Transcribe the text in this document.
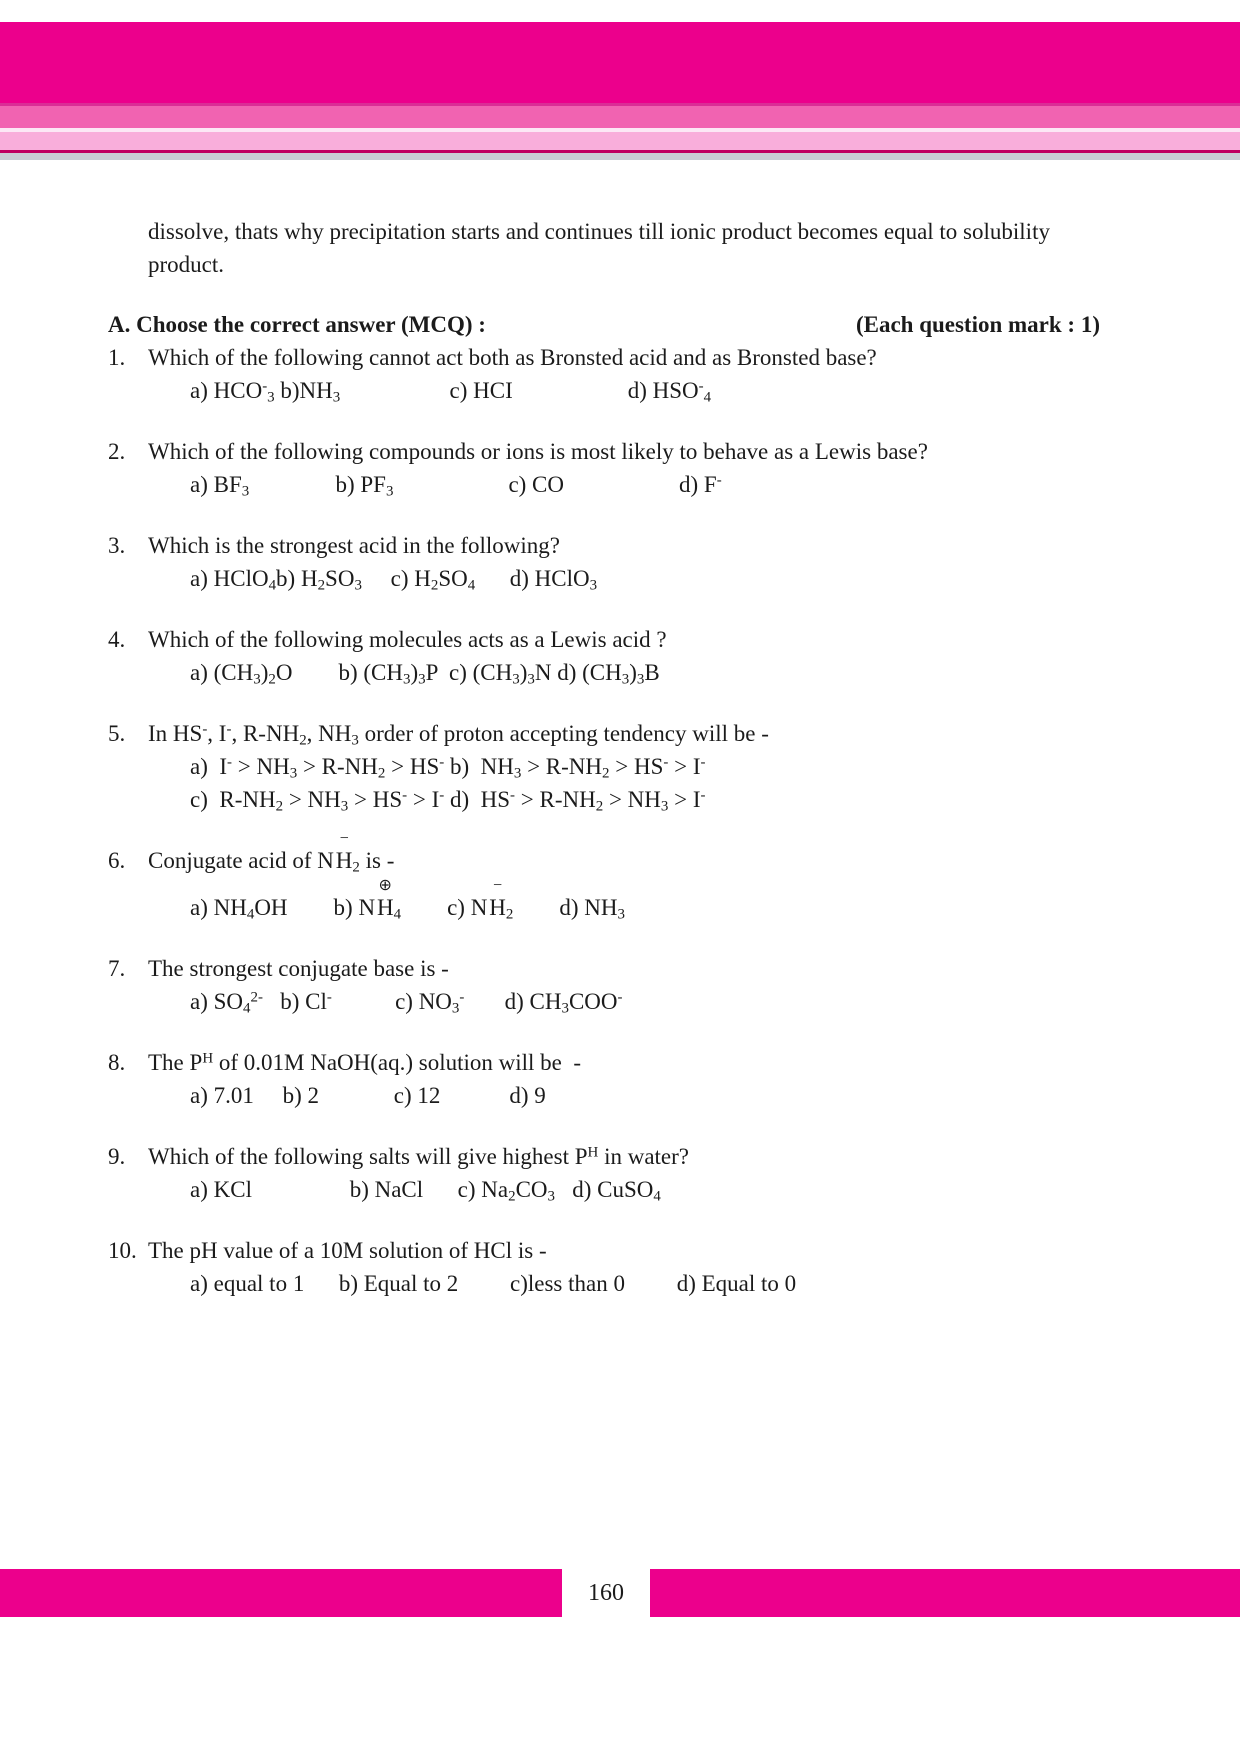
dissolve, thats why precipitation starts and continues till ionic product becomes equal to solubility
product.

A. Choose the correct answer (MCQ) :	(Each question mark : 1)
1. Which of the following cannot act both as Bronsted acid and as Bronsted base?
a) $HCO^-_3$ $b)NH_3$                   c) HCI                    d) $HSO^-_4$
2. Which of the following compounds or ions is most likely to behave as a Lewis base?
a) $BF_3$               b) $PF_3$                    c) CO                    d) F-
3. Which is the strongest acid in the following?
a) HClO$_4$b) $H_2SO_3$     c) $H_2SO_4$      d) HClO$_3$
4. Which of the following molecules acts as a Lewis acid ?
a) $(CH_3)_2O$        b) $(CH_3)_3P$  c) $(CH_3)_3N$ d) $(CH_3)_3B$
5. In HS-, I-, $R-NH_2$, $NH_3$ order of proton accepting tendency will be -
a)  $I^- > NH_3 > R-NH_2 > HS^-$ b)  $NH_3 > R-NH_2 > HS^- > I^-$
c)  $R-NH_2 > NH_3 > HS^- > I^-$ d)  $HS^- > R-NH_2 > NH_3 > I^-$
6. Conjugate acid of N 
−
$H_2$ is -
a) $NH_4OH$        b) N 
⊕
$H_4$        c) N 
−
$H_2$        d) $NH_3$
7. The strongest conjugate base is -
a) $SO_4^{2-}$   b) Cl-           c) $NO_3^-$       d) $CH_3COO^-$
8. The $P^H$ of 0.01M NaOH(aq.) solution will be  -
a) 7.01     b) 2             c) 12            d) 9
9. Which of the following salts will give highest $P^H$ in water?
a) KCl                 b) NaCl      c) $Na_2CO_3$   d) CuSO$_4$
10. The pH value of a 10M solution of HCl is -
a) equal to 1      b) Equal to 2         c)less than 0         d) Equal to 0
160
